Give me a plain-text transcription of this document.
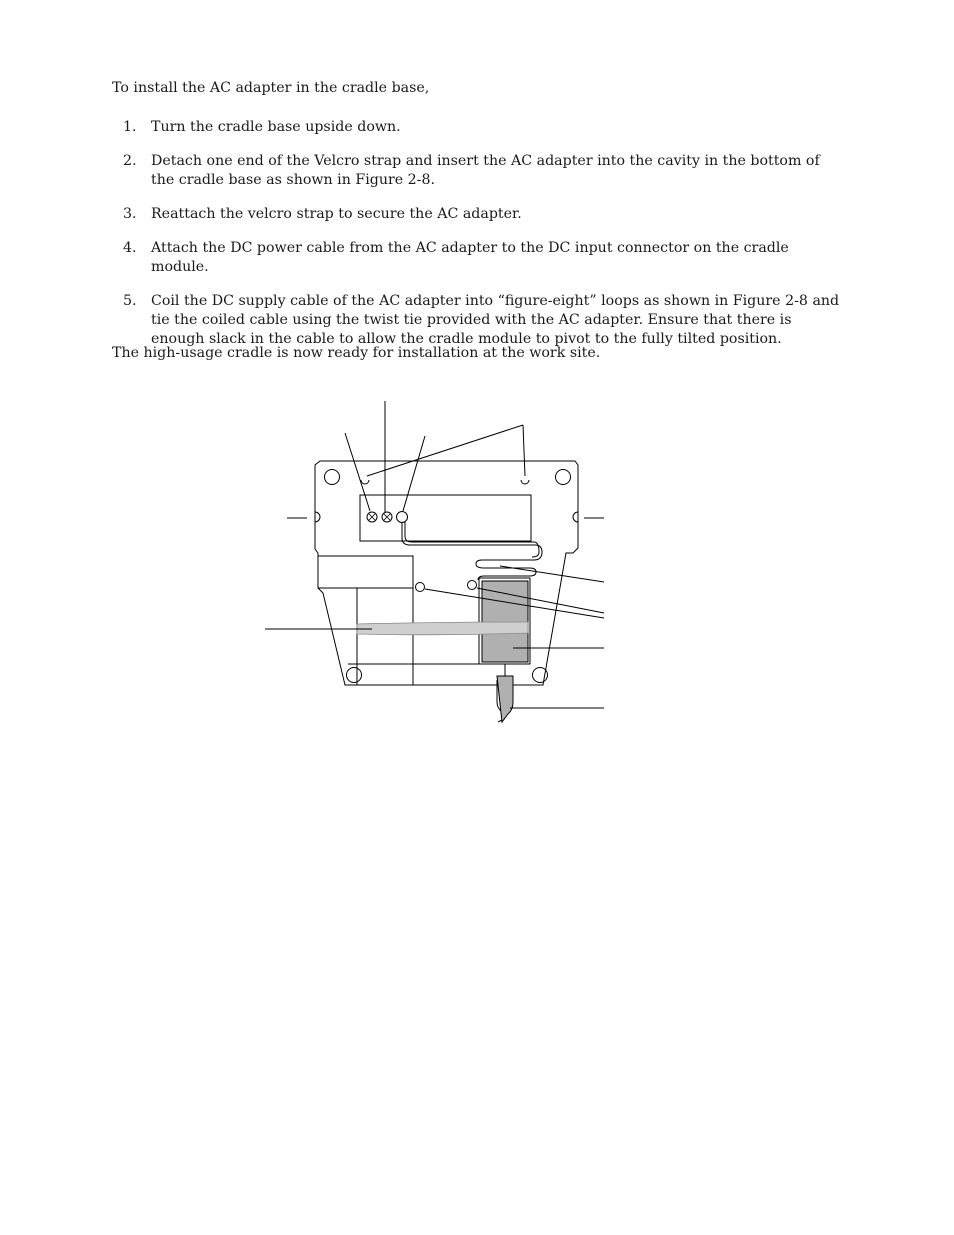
To install the AC adapter in the cradle base,

1.	Turn the cradle base upside down.
2.	Detach one end of the Velcro strap and insert the AC adapter into the cavity in the bottom of the cradle base as shown in Figure 2-8.
3.	Reattach the velcro strap to secure the AC adapter.
4.	Attach the DC power cable from the AC adapter to the DC input connector on the cradle module.
5.	Coil the DC supply cable of the AC adapter into “figure-eight” loops as shown in Figure 2-8 and tie the coiled cable using the twist tie provided with the AC adapter. Ensure that there is enough slack in the cable to allow the cradle module to pivot to the fully tilted position.

The high-usage cradle is now ready for installation at the work site.
